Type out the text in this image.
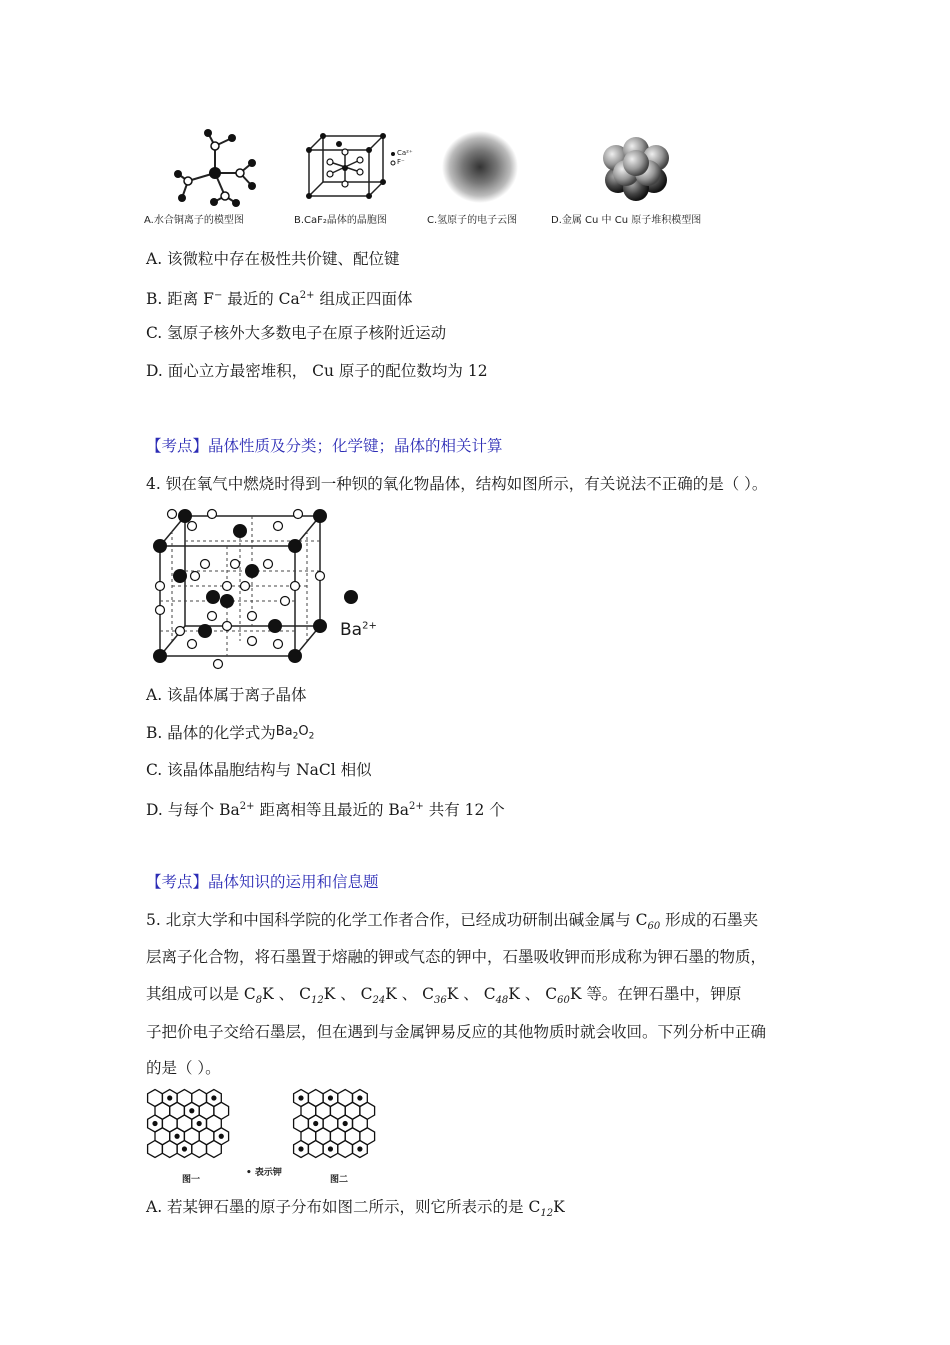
A.水合铜离子的模型图
Ca²⁺
F⁻
B.CaF₂晶体的晶胞图	C.氢原子的电子云图	D.金属 Cu 中 Cu 原子堆积模型图
A. 该微粒中存在极性共价键、配位键
B. 距离 F− 最近的 $Ca^{2+}$ 组成正四面体
C. 氢原子核外大多数电子在原子核附近运动
D. 面心立方最密堆积， Cu 原子的配位数均为 12
【考点】晶体性质及分类；化学键；晶体的相关计算
4. 钡在氧气中燃烧时得到一种钡的氧化物晶体，结构如图所示，有关说法不正确的是（ ）。
$Ba^{2+}$
A. 该晶体属于离子晶体
B. 晶体的化学式为$Ba_2O_2$
C. 该晶体晶胞结构与 NaCl 相似
D. 与每个 $Ba^{2+}$ 距离相等且最近的 $Ba^{2+}$ 共有 12 个
【考点】晶体知识的运用和信息题
5. 北京大学和中国科学院的化学工作者合作，已经成功研制出碱金属与 $C_{60}$ 形成的石墨夹
层离子化合物，将石墨置于熔融的钾或气态的钾中，石墨吸收钾而形成称为钾石墨的物质，
其组成可以是 $C_8K$ 、 $C_{12}K$ 、 $C_{24}K$ 、 $C_{36}K$ 、 $C_{48}K$ 、 $C_{60}K$ 等。在钾石墨中，钾原
子把价电子交给石墨层，但在遇到与金属钾易反应的其他物质时就会收回。下列分析中正确
的是（ ）。
图一
• 表示钾
图二
A. 若某钾石墨的原子分布如图二所示，则它所表示的是 $C_{12}K$
